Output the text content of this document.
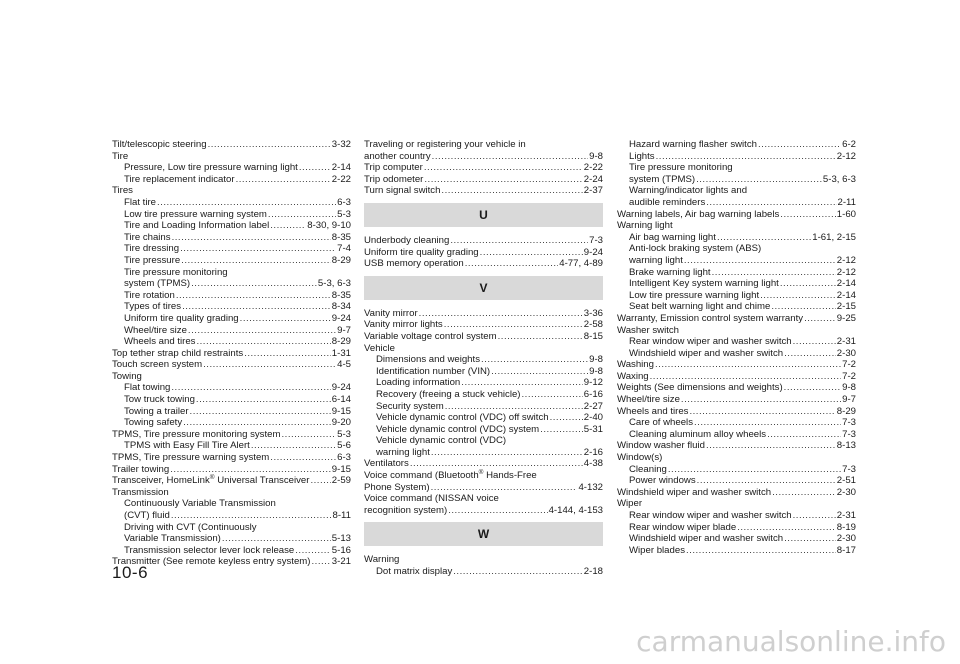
Tilt/telescopic steering .....	3-32
Tire
Pressure, Low tire pressure warning light .....	2-14
Tire replacement indicator .....	2-22
Tires
Flat tire .....	6-3
Low tire pressure warning system .....	5-3
Tire and Loading Information label .....	8-30, 9-10
Tire chains .....	8-35
Tire dressing .....	7-4
Tire pressure .....	8-29
Tire pressure monitoring
system (TPMS) .....	5-3, 6-3
Tire rotation .....	8-35
Types of tires .....	8-34
Uniform tire quality grading .....	9-24
Wheel/tire size .....	9-7
Wheels and tires .....	8-29
Top tether strap child restraints .....	1-31
Touch screen system .....	4-5
Towing
Flat towing .....	9-24
Tow truck towing .....	6-14
Towing a trailer .....	9-15
Towing safety .....	9-20
TPMS, Tire pressure monitoring system .....	5-3
TPMS with Easy Fill Tire Alert .....	5-6
TPMS, Tire pressure warning system .....	6-3
Trailer towing .....	9-15
Transceiver, HomeLink® Universal Transceiver ..... 2-59
Transmission
Continuously Variable Transmission
(CVT) fluid .....	8-11
Driving with CVT (Continuously
Variable Transmission) .....	5-13
Transmission selector lever lock release .....	5-16
Transmitter (See remote keyless entry system) ..... 3-21
Traveling or registering your vehicle in
another country .....	9-8
Trip computer .....	2-22
Trip odometer .....	2-24
Turn signal switch .....	2-37
U
Underbody cleaning .....	7-3
Uniform tire quality grading .....	9-24
USB memory operation .....	4-77, 4-89
V
Vanity mirror .....	3-36
Vanity mirror lights .....	2-58
Variable voltage control system .....	8-15
Vehicle
Dimensions and weights .....	9-8
Identification number (VIN) .....	9-8
Loading information .....	9-12
Recovery (freeing a stuck vehicle) .....	6-16
Security system .....	2-27
Vehicle dynamic control (VDC) off switch .....	2-40
Vehicle dynamic control (VDC) system .....	5-31
Vehicle dynamic control (VDC)
warning light .....	2-16
Ventilators .....	4-38
Voice command (Bluetooth® Hands-Free
Phone System) .....	4-132
Voice command (NISSAN voice
recognition system) .....	4-144, 4-153
W
Warning
Dot matrix display .....	2-18
Hazard warning flasher switch .....	6-2
Lights .....	2-12
Tire pressure monitoring
system (TPMS) .....	5-3, 6-3
Warning/indicator lights and
audible reminders .....	2-11
Warning labels, Air bag warning labels .....	1-60
Warning light
Air bag warning light .....	1-61, 2-15
Anti-lock braking system (ABS)
warning light .....	2-12
Brake warning light .....	2-12
Intelligent Key system warning light .....	2-14
Low tire pressure warning light .....	2-14
Seat belt warning light and chime .....	2-15
Warranty, Emission control system warranty .....	9-25
Washer switch
Rear window wiper and washer switch .....	2-31
Windshield wiper and washer switch .....	2-30
Washing .....	7-2
Waxing .....	7-2
Weights (See dimensions and weights) .....	9-8
Wheel/tire size .....	9-7
Wheels and tires .....	8-29
Care of wheels .....	7-3
Cleaning aluminum alloy wheels .....	7-3
Window washer fluid .....	8-13
Window(s)
Cleaning .....	7-3
Power windows .....	2-51
Windshield wiper and washer switch .....	2-30
Wiper
Rear window wiper and washer switch .....	2-31
Rear window wiper blade .....	8-19
Windshield wiper and washer switch .....	2-30
Wiper blades .....	8-17
10-6
carmanualsonline.info
